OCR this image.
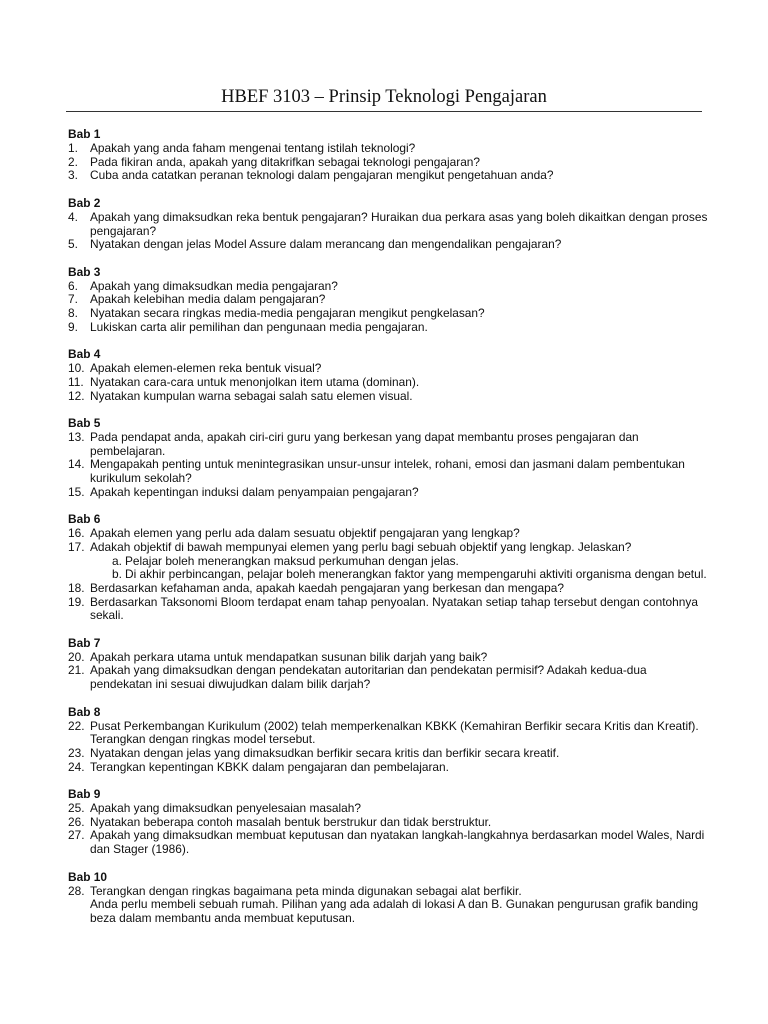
HBEF 3103 – Prinsip Teknologi Pengajaran
Bab 1
1. Apakah yang anda faham mengenai tentang istilah teknologi?
2. Pada fikiran anda, apakah yang ditakrifkan sebagai teknologi pengajaran?
3. Cuba anda catatkan peranan teknologi dalam pengajaran mengikut pengetahuan anda?
Bab 2
4. Apakah yang dimaksudkan reka bentuk pengajaran? Huraikan dua perkara asas yang boleh dikaitkan dengan proses pengajaran?
5. Nyatakan dengan jelas Model Assure dalam merancang dan mengendalikan pengajaran?
Bab 3
6. Apakah yang dimaksudkan media pengajaran?
7. Apakah kelebihan media dalam pengajaran?
8. Nyatakan secara ringkas media-media pengajaran mengikut pengkelasan?
9. Lukiskan carta alir pemilihan dan pengunaan media pengajaran.
Bab 4
10. Apakah elemen-elemen reka bentuk visual?
11. Nyatakan cara-cara untuk menonjolkan item utama (dominan).
12. Nyatakan kumpulan warna sebagai salah satu elemen visual.
Bab 5
13. Pada pendapat anda, apakah ciri-ciri guru yang berkesan yang dapat membantu proses pengajaran dan pembelajaran.
14. Mengapakah penting untuk menintegrasikan unsur-unsur intelek, rohani, emosi dan jasmani dalam pembentukan kurikulum sekolah?
15. Apakah kepentingan induksi dalam penyampaian pengajaran?
Bab 6
16. Apakah elemen yang perlu ada dalam sesuatu objektif pengajaran yang lengkap?
17. Adakah objektif di bawah mempunyai elemen yang perlu bagi sebuah objektif yang lengkap. Jelaskan?
a. Pelajar boleh menerangkan maksud perkumuhan dengan jelas.
b. Di akhir perbincangan, pelajar boleh menerangkan faktor yang mempengaruhi aktiviti organisma dengan betul.
18. Berdasarkan kefahaman anda, apakah kaedah pengajaran yang berkesan dan mengapa?
19. Berdasarkan Taksonomi Bloom terdapat enam tahap penyoalan. Nyatakan setiap tahap tersebut dengan contohnya sekali.
Bab 7
20. Apakah perkara utama untuk mendapatkan susunan bilik darjah yang baik?
21. Apakah yang dimaksudkan dengan pendekatan autoritarian dan pendekatan permisif? Adakah kedua-dua pendekatan ini sesuai diwujudkan dalam bilik darjah?
Bab 8
22. Pusat Perkembangan Kurikulum (2002) telah memperkenalkan KBKK (Kemahiran Berfikir secara Kritis dan Kreatif). Terangkan dengan ringkas model tersebut.
23. Nyatakan dengan jelas yang dimaksudkan berfikir secara kritis dan berfikir secara kreatif.
24. Terangkan kepentingan KBKK dalam pengajaran dan pembelajaran.
Bab 9
25. Apakah yang dimaksudkan penyelesaian masalah?
26. Nyatakan beberapa contoh masalah bentuk berstrukur dan tidak berstruktur.
27. Apakah yang dimaksudkan membuat keputusan dan nyatakan langkah-langkahnya berdasarkan model Wales, Nardi dan Stager (1986).
Bab 10
28. Terangkan dengan ringkas bagaimana peta minda digunakan sebagai alat berfikir.
Anda perlu membeli sebuah rumah. Pilihan yang ada adalah di lokasi A dan B. Gunakan pengurusan grafik banding beza dalam membantu anda membuat keputusan.
